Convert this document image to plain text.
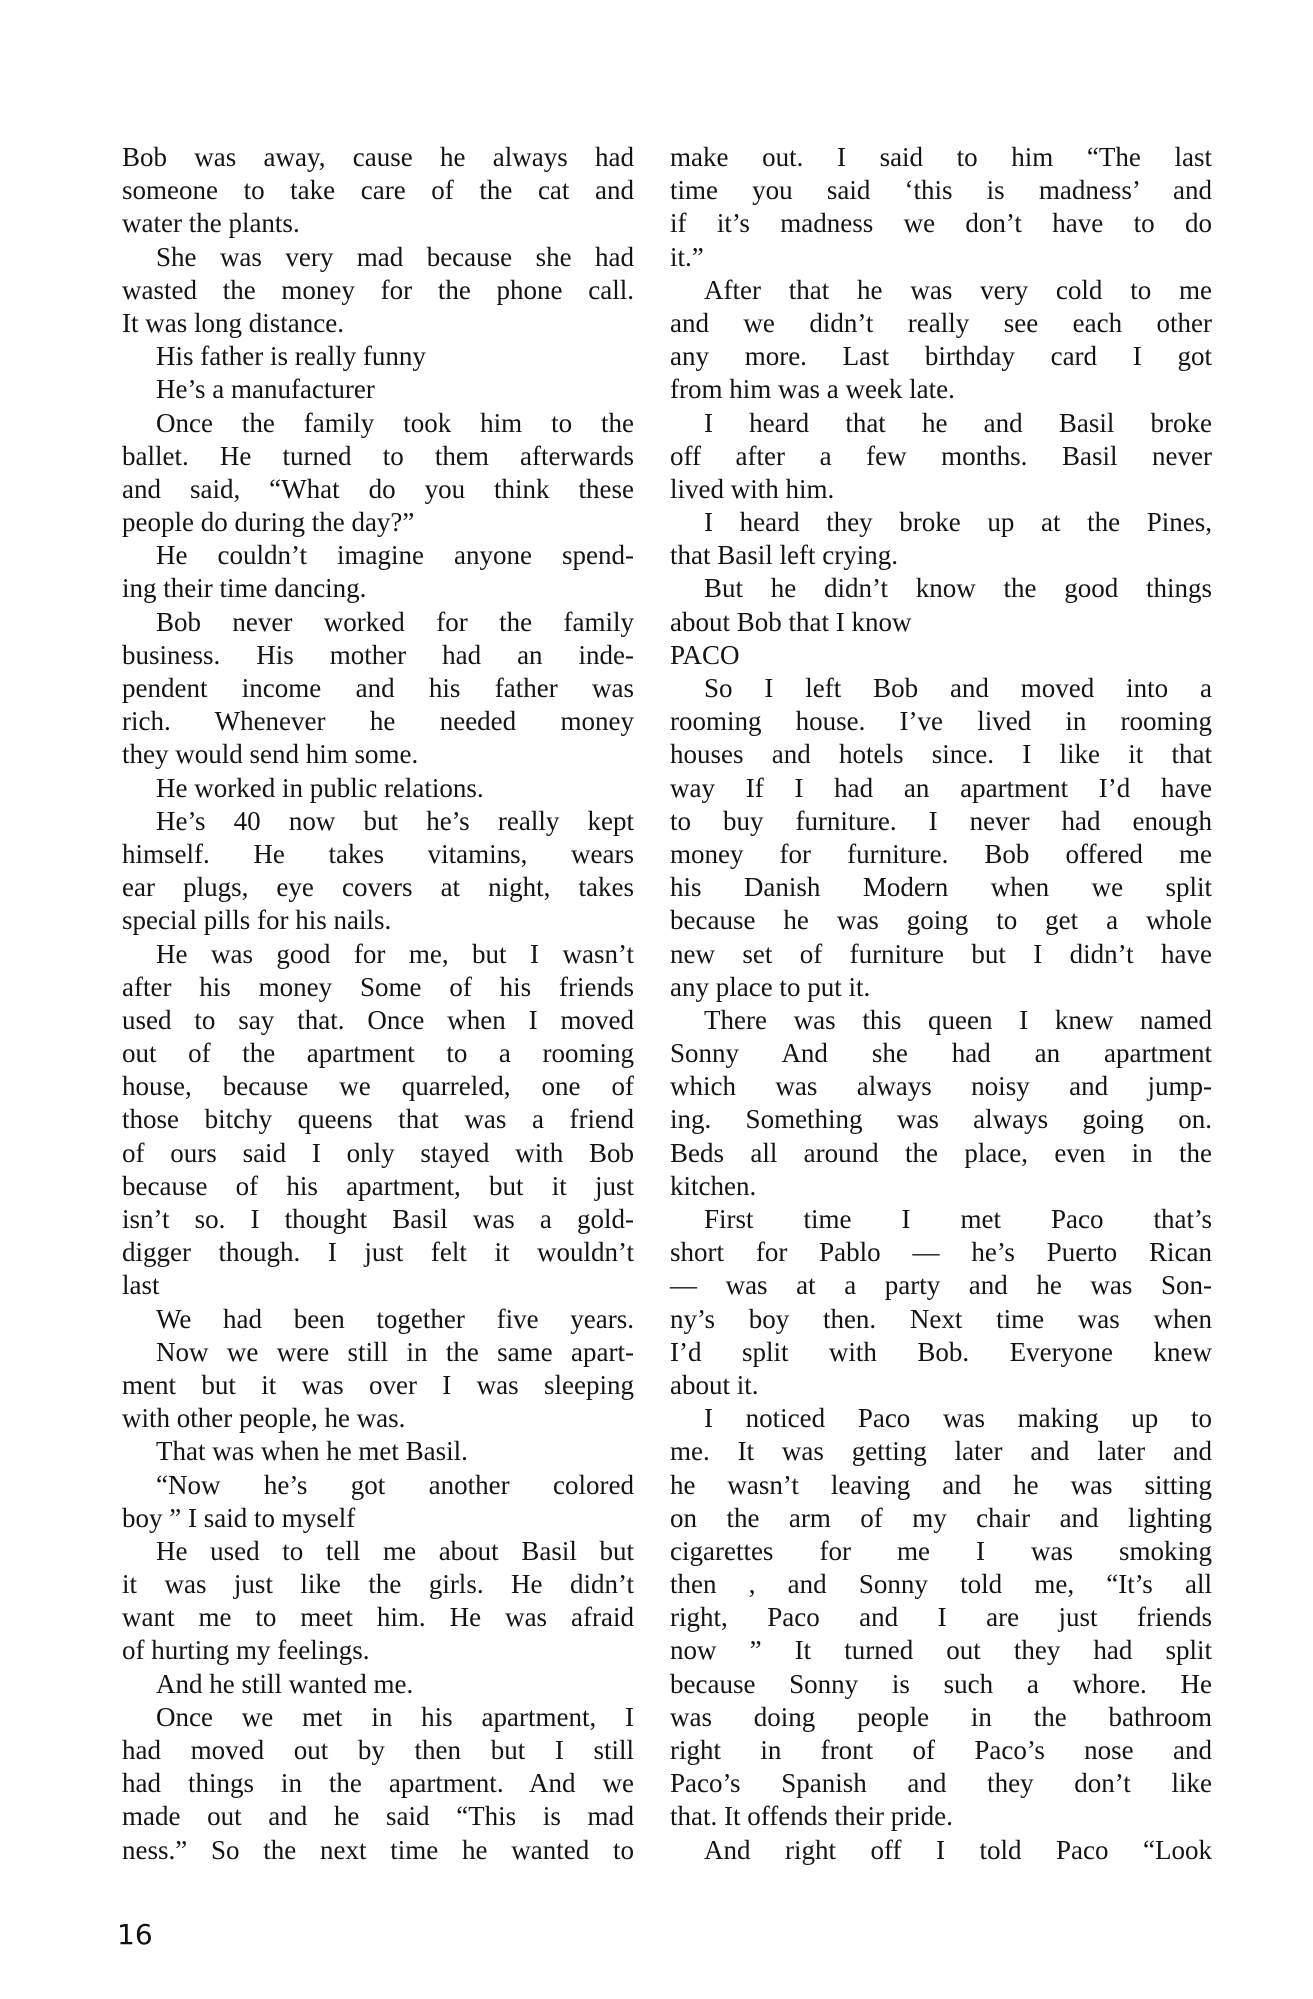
Bob was away, cause he always had
someone to take care of the cat and
water the plants.
She was very mad because she had
wasted the money for the phone call.
It was long distance.
His father is really funny
He’s a manufacturer
Once the family took him to the
ballet. He turned to them afterwards
and said, “What do you think these
people do during the day?”
He couldn’t imagine anyone spend-
ing their time dancing.
Bob never worked for the family
business. His mother had an inde-
pendent income and his father was
rich. Whenever he needed money
they would send him some.
He worked in public relations.
He’s 40 now but he’s really kept
himself. He takes vitamins, wears
ear plugs, eye covers at night, takes
special pills for his nails.
He was good for me, but I wasn’t
after his money Some of his friends
used to say that. Once when I moved
out of the apartment to a rooming
house, because we quarreled, one of
those bitchy queens that was a friend
of ours said I only stayed with Bob
because of his apartment, but it just
isn’t so. I thought Basil was a gold-
digger though. I just felt it wouldn’t
last
We had been together five years.
Now we were still in the same apart-
ment but it was over I was sleeping
with other people, he was.
That was when he met Basil.
“Now he’s got another colored
boy ” I said to myself
He used to tell me about Basil but
it was just like the girls. He didn’t
want me to meet him. He was afraid
of hurting my feelings.
And he still wanted me.
Once we met in his apartment, I
had moved out by then but I still
had things in the apartment. And we
made out and he said “This is mad
ness.” So the next time he wanted to
make out. I said to him “The last
time you said ‘this is madness’ and
if it’s madness we don’t have to do
it.”
After that he was very cold to me
and we didn’t really see each other
any more. Last birthday card I got
from him was a week late.
I heard that he and Basil broke
off after a few months. Basil never
lived with him.
I heard they broke up at the Pines,
that Basil left crying.
But he didn’t know the good things
about Bob that I know
PACO
So I left Bob and moved into a
rooming house. I’ve lived in rooming
houses and hotels since. I like it that
way If I had an apartment I’d have
to buy furniture. I never had enough
money for furniture. Bob offered me
his Danish Modern when we split
because he was going to get a whole
new set of furniture but I didn’t have
any place to put it.
There was this queen I knew named
Sonny And she had an apartment
which was always noisy and jump-
ing. Something was always going on.
Beds all around the place, even in the
kitchen.
First time I met Paco that’s
short for Pablo — he’s Puerto Rican
— was at a party and he was Son-
ny’s boy then. Next time was when
I’d split with Bob. Everyone knew
about it.
I noticed Paco was making up to
me. It was getting later and later and
he wasn’t leaving and he was sitting
on the arm of my chair and lighting
cigarettes for me I was smoking
then , and Sonny told me, “It’s all
right, Paco and I are just friends
now ” It turned out they had split
because Sonny is such a whore. He
was doing people in the bathroom
right in front of Paco’s nose and
Paco’s Spanish and they don’t like
that. It offends their pride.
And right off I told Paco “Look
16
